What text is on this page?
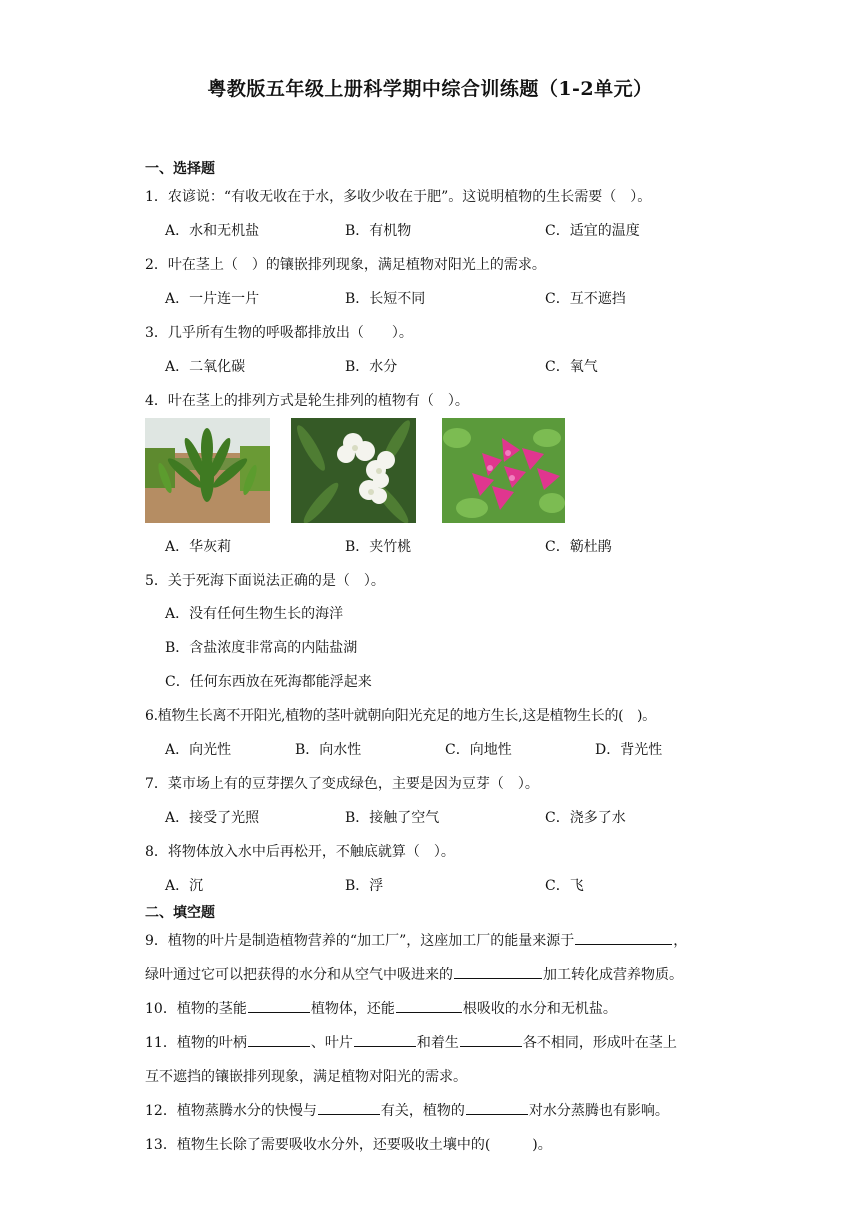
粤教版五年级上册科学期中综合训练题（1-2单元）
一、选择题
1．农谚说：“有收无收在于水，多收少收在于肥”。这说明植物的生长需要（　）。
A．水和无机盐	B．有机物	C．适宜的温度
2．叶在茎上（　）的镶嵌排列现象，满足植物对阳光上的需求。
A．一片连一片	B．长短不同	C．互不遮挡
3．几乎所有生物的呼吸都排放出（　　）。
A．二氧化碳	B．水分	C．氧气
4．叶在茎上的排列方式是轮生排列的植物有（　）。
A．华灰莉	B．夹竹桃	C．簕杜鹃
5．关于死海下面说法正确的是（　）。
A．没有任何生物生长的海洋
B．含盐浓度非常高的内陆盐湖
C．任何东西放在死海都能浮起来
6.植物生长离不开阳光,植物的茎叶就朝向阳光充足的地方生长,这是植物生长的(　)。
A．向光性	B．向水性	C．向地性	D．背光性
7．菜市场上有的豆芽摆久了变成绿色，主要是因为豆芽（　）。
A．接受了光照	B．接触了空气	C．浇多了水
8．将物体放入水中后再松开，不触底就算（　）。
A．沉	B．浮	C．飞
二、填空题
9．植物的叶片是制造植物营养的“加工厂”，这座加工厂的能量来源于	，
绿叶通过它可以把获得的水分和从空气中吸进来的	加工转化成营养物质。
10．植物的茎能	植物体，还能	根吸收的水分和无机盐。
11．植物的叶柄	、叶片	和着生	各不相同，形成叶在茎上
互不遮挡的镶嵌排列现象，满足植物对阳光的需求。
12．植物蒸腾水分的快慢与	有关，植物的	对水分蒸腾也有影响。
13．植物生长除了需要吸收水分外，还要吸收土壤中的(　　　)。
